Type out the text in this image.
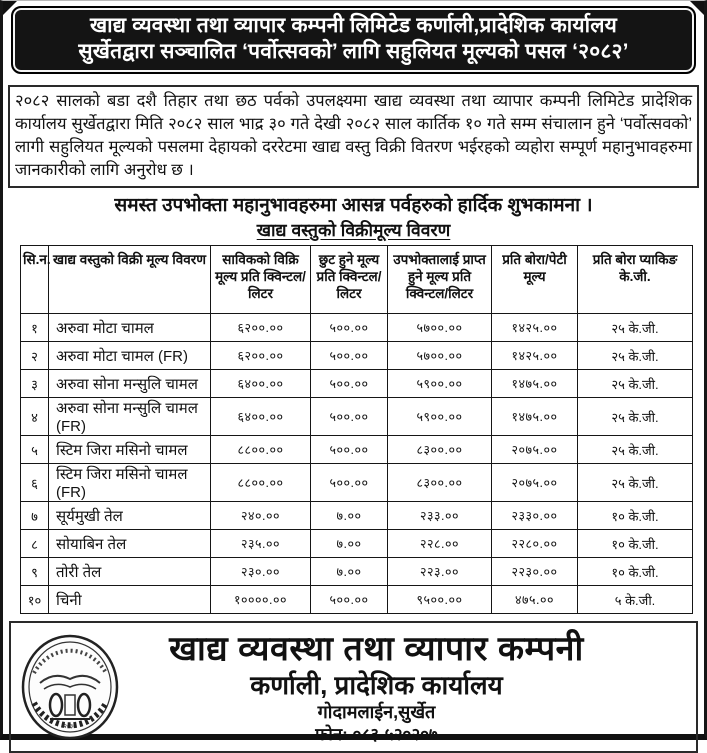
खाद्य व्यवस्था तथा व्यापार कम्पनी लिमिटेड कर्णाली,प्रादेशिक कार्यालय
सुर्खेतद्वारा सञ्चालित ‘पर्वोत्सवको’ लागि सहुलियत मूल्यको पसल ‘२०८२’
२०८२ सालको बडा दशै तिहार तथा छठ पर्वको उपलक्ष्यमा खाद्य व्यवस्था तथा व्यापार कम्पनी लिमिटेड प्रादेशिक कार्यालय सुर्खेतद्वारा मिति २०८२ साल भाद्र ३० गते देखी २०८२ साल कार्तिक १० गते सम्म संचालान हुने ‘पर्वोत्सवको’ लागी सहुलियत मूल्यको पसलमा देहायको दररेटमा खाद्य वस्तु विक्री वितरण भईरहको व्यहोरा सम्पूर्ण महानुभावहरुमा जानकारीको लागि अनुरोध छ ।
समस्त उपभोक्ता महानुभावहरुमा आसन्न पर्वहरुको हार्दिक शुभकामना ।
खाद्य वस्तुको विक्रीमूल्य विवरण
सि.न.	खाद्य वस्तुको विक्री मूल्य विवरण	साविकको विक्रि मूल्य प्रति क्विन्टल/लिटर	छुट हुने मूल्य प्रति क्विन्टल/ लिटर	उपभोक्तालाई प्राप्त हुने मूल्य प्रति क्विन्टल/लिटर	प्रति बोरा/पेटी मूल्य	प्रति बोरा प्याकिङ के.जी.
१	अरुवा मोटा चामल	६२००.००	५००.००	५७००.००	१४२५.००	२५ के.जी.
२	अरुवा मोटा चामल (FR)	६२००.००	५००.००	५७००.००	१४२५.००	२५ के.जी.
३	अरुवा सोना मन्सुलि चामल	६४००.००	५००.००	५९००.००	१४७५.००	२५ के.जी.
४	अरुवा सोना मन्सुलि चामल (FR)	६४००.००	५००.००	५९००.००	१४७५.००	२५ के.जी.
५	स्टिम जिरा मसिनो चामल	८८००.००	५००.००	८३००.००	२०७५.००	२५ के.जी.
६	स्टिम जिरा मसिनो चामल (FR)	८८००.००	५००.००	८३००.००	२०७५.००	२५ के.जी.
७	सूर्यमुखी तेल	२४०.००	७.००	२३३.००	२३३०.००	१० के.जी.
८	सोयाबिन तेल	२३५.००	७.००	२२८.००	२२८०.००	१० के.जी.
९	तोरी तेल	२३०.००	७.००	२२३.००	२२३०.००	१० के.जी.
१०	चिनी	१००००.००	५००.००	९५००.००	४७५.००	५ के.जी.
२०३०
खाद्य व्यवस्था तथा व्यापार कम्पनी
कर्णाली, प्रादेशिक कार्यालय
गोदामलाईन,सुर्खेत
फोन: ०८३-५२०२०७
